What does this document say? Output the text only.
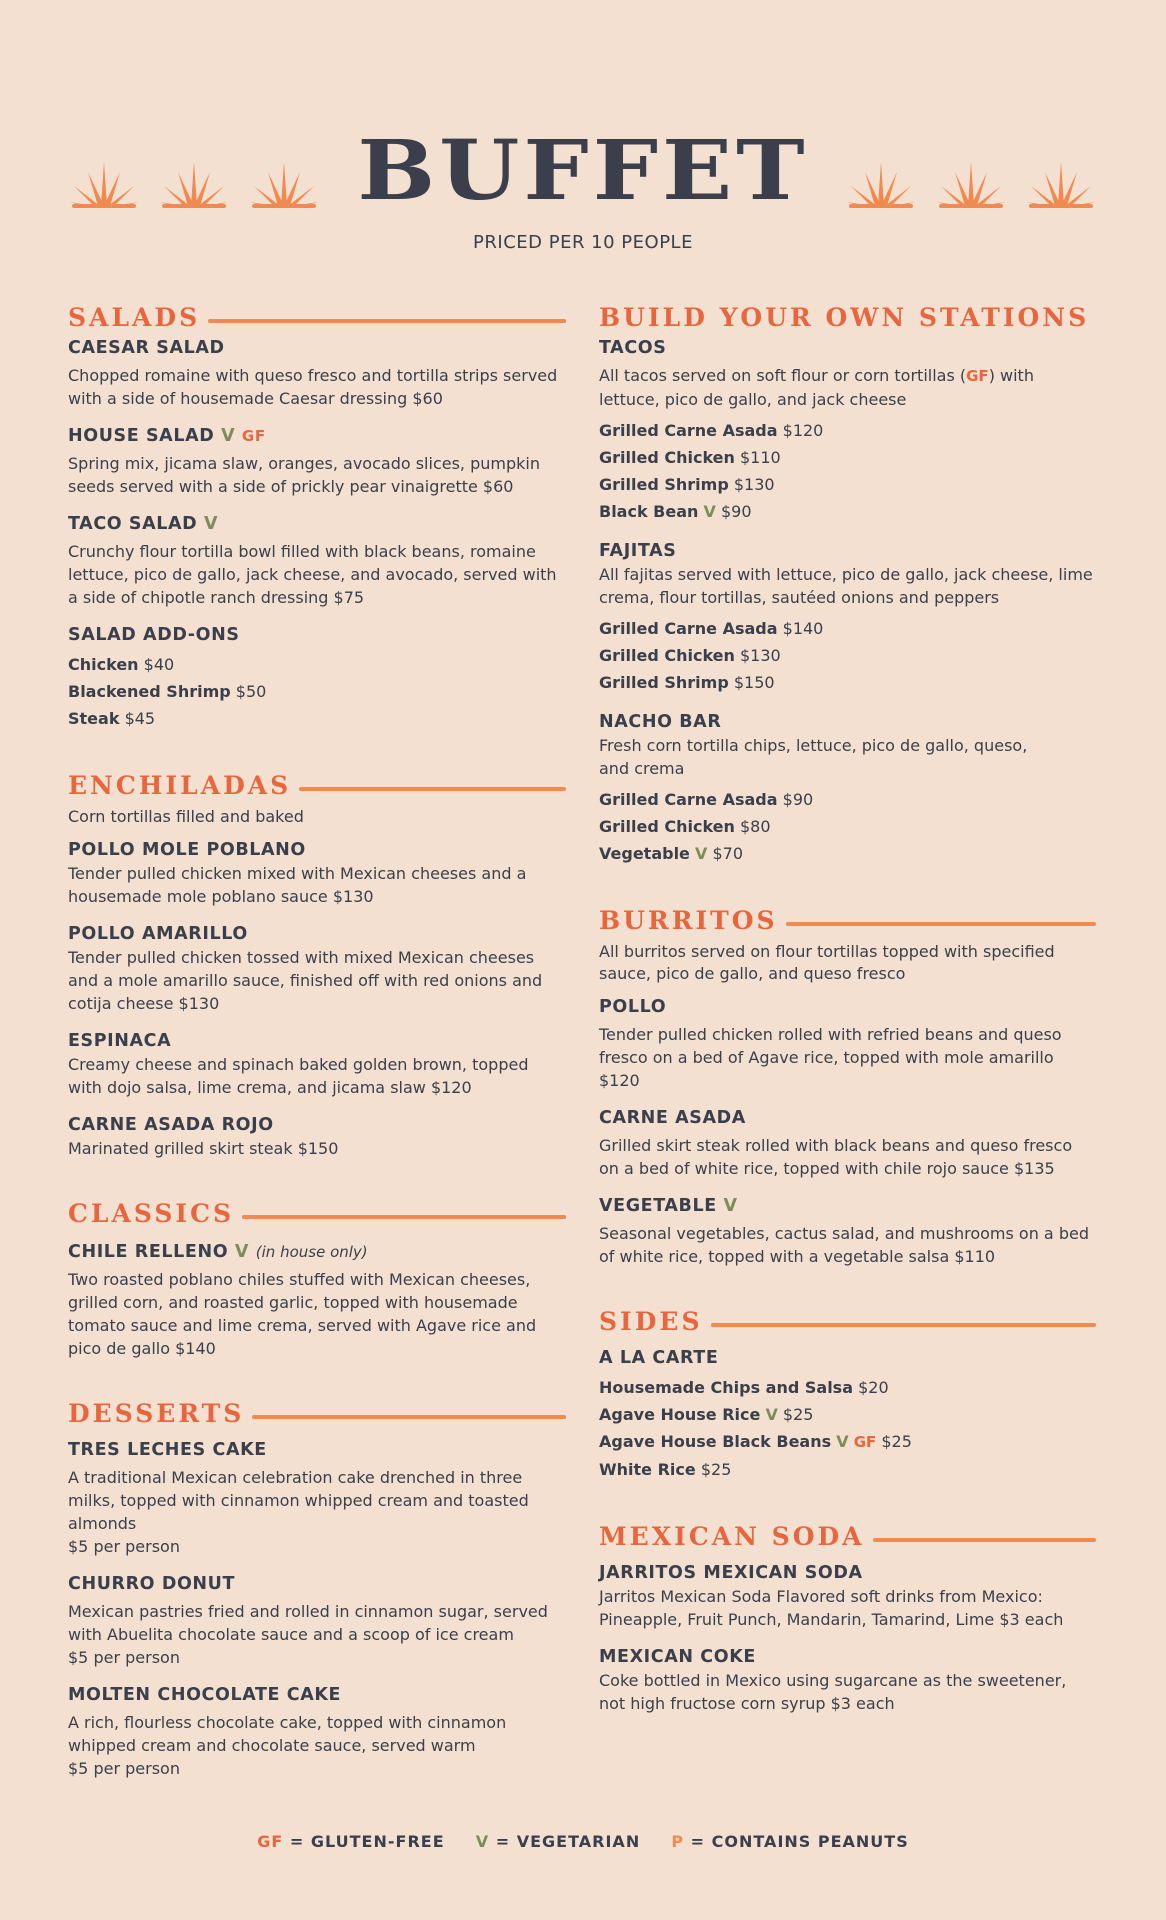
BUFFET
PRICED PER 10 PEOPLE
SALADS
CAESAR SALAD
Chopped romaine with queso fresco and tortilla strips served with a side of housemade Caesar dressing $60
HOUSE SALAD V GF
Spring mix, jicama slaw, oranges, avocado slices, pumpkin seeds served with a side of prickly pear vinaigrette $60
TACO SALAD V
Crunchy flour tortilla bowl filled with black beans, romaine lettuce, pico de gallo, jack cheese, and avocado, served with a side of chipotle ranch dressing $75
SALAD ADD-ONS
Chicken $40
Blackened Shrimp $50
Steak $45
ENCHILADAS
Corn tortillas filled and baked
POLLO MOLE POBLANO
Tender pulled chicken mixed with Mexican cheeses and a housemade mole poblano sauce $130
POLLO AMARILLO
Tender pulled chicken tossed with mixed Mexican cheeses and a mole amarillo sauce, finished off with red onions and cotija cheese $130
ESPINACA
Creamy cheese and spinach baked golden brown, topped with dojo salsa, lime crema, and jicama slaw $120
CARNE ASADA ROJO
Marinated grilled skirt steak $150
CLASSICS
CHILE RELLENO V (in house only)
Two roasted poblano chiles stuffed with Mexican cheeses, grilled corn, and roasted garlic, topped with housemade tomato sauce and lime crema, served with Agave rice and pico de gallo $140
DESSERTS
TRES LECHES CAKE
A traditional Mexican celebration cake drenched in three milks, topped with cinnamon whipped cream and toasted almonds
$5 per person
CHURRO DONUT
Mexican pastries fried and rolled in cinnamon sugar, served with Abuelita chocolate sauce and a scoop of ice cream
$5 per person
MOLTEN CHOCOLATE CAKE
A rich, flourless chocolate cake, topped with cinnamon whipped cream and chocolate sauce, served warm
$5 per person
BUILD YOUR OWN STATIONS
TACOS
All tacos served on soft flour or corn tortillas (GF) with lettuce, pico de gallo, and jack cheese
Grilled Carne Asada $120
Grilled Chicken $110
Grilled Shrimp $130
Black Bean V $90
FAJITAS
All fajitas served with lettuce, pico de gallo, jack cheese, lime crema, flour tortillas, sautéed onions and peppers
Grilled Carne Asada $140
Grilled Chicken $130
Grilled Shrimp $150
NACHO BAR
Fresh corn tortilla chips, lettuce, pico de gallo, queso, and crema
Grilled Carne Asada $90
Grilled Chicken $80
Vegetable V $70
BURRITOS
All burritos served on flour tortillas topped with specified sauce, pico de gallo, and queso fresco
POLLO
Tender pulled chicken rolled with refried beans and queso fresco on a bed of Agave rice, topped with mole amarillo $120
CARNE ASADA
Grilled skirt steak rolled with black beans and queso fresco on a bed of white rice, topped with chile rojo sauce $135
VEGETABLE V
Seasonal vegetables, cactus salad, and mushrooms on a bed of white rice, topped with a vegetable salsa $110
SIDES
A LA CARTE
Housemade Chips and Salsa $20
Agave House Rice V $25
Agave House Black Beans V GF $25
White Rice $25
MEXICAN SODA
JARRITOS MEXICAN SODA
Jarritos Mexican Soda Flavored soft drinks from Mexico: Pineapple, Fruit Punch, Mandarin, Tamarind, Lime $3 each
MEXICAN COKE
Coke bottled in Mexico using sugarcane as the sweetener, not high fructose corn syrup $3 each
GF = GLUTEN-FREE V = VEGETARIAN P = CONTAINS PEANUTS
